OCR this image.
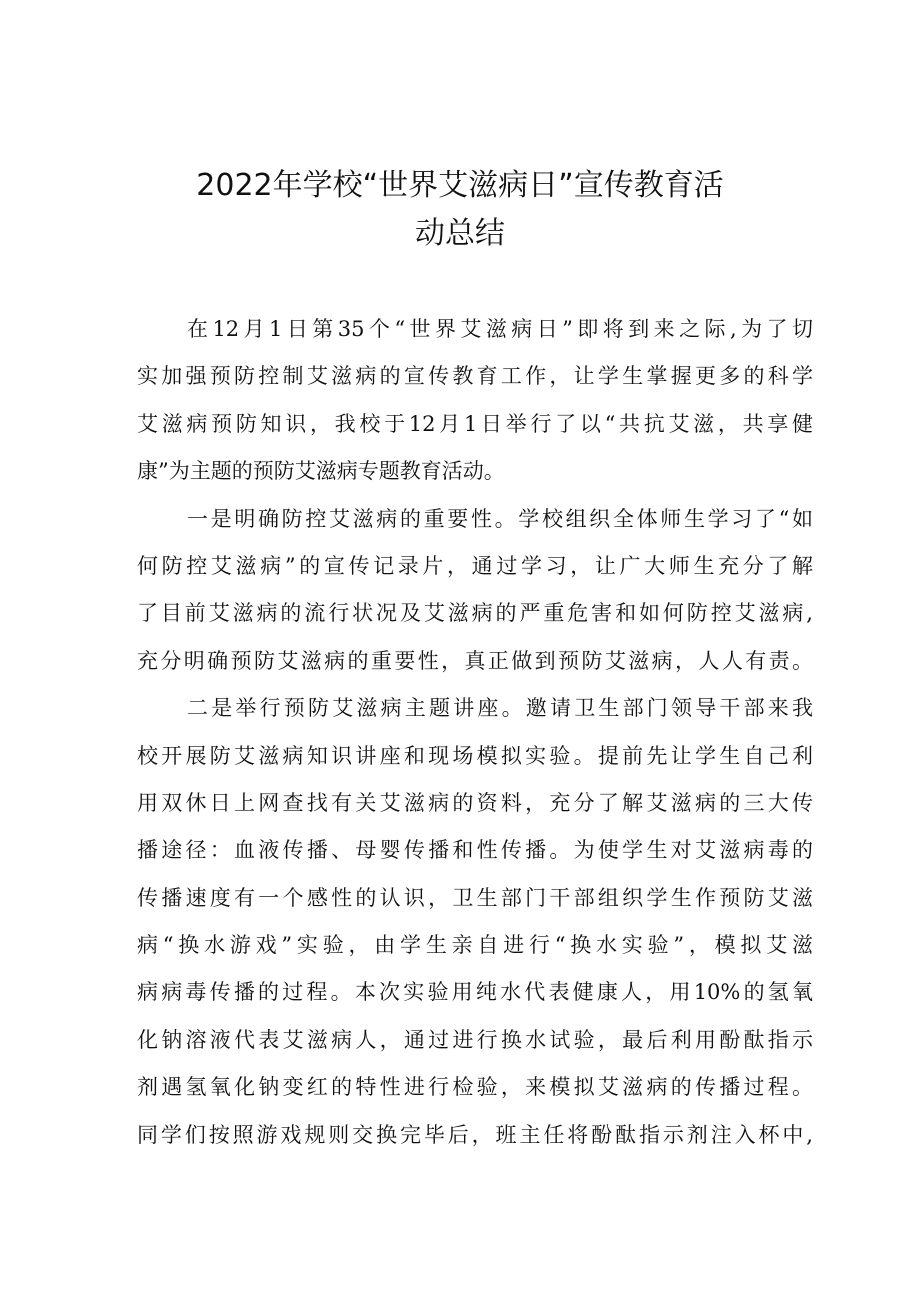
2022年学校“世界艾滋病日”宣传教育活
动总结
在12月1日第35个“世界艾滋病日”即将到来之际,为了切
实加强预防控制艾滋病的宣传教育工作，让学生掌握更多的科学
艾滋病预防知识，我校于12月1日举行了以“共抗艾滋，共享健
康”为主题的预防艾滋病专题教育活动。
一是明确防控艾滋病的重要性。学校组织全体师生学习了“如
何防控艾滋病”的宣传记录片，通过学习，让广大师生充分了解
了目前艾滋病的流行状况及艾滋病的严重危害和如何防控艾滋病,
充分明确预防艾滋病的重要性，真正做到预防艾滋病，人人有责。
二是举行预防艾滋病主题讲座。邀请卫生部门领导干部来我
校开展防艾滋病知识讲座和现场模拟实验。提前先让学生自己利
用双休日上网查找有关艾滋病的资料，充分了解艾滋病的三大传
播途径：血液传播、母婴传播和性传播。为使学生对艾滋病毒的
传播速度有一个感性的认识，卫生部门干部组织学生作预防艾滋
病“换水游戏”实验，由学生亲自进行“换水实验”，模拟艾滋
病病毒传播的过程。本次实验用纯水代表健康人，用10%的氢氧
化钠溶液代表艾滋病人，通过进行换水试验，最后利用酚酞指示
剂遇氢氧化钠变红的特性进行检验，来模拟艾滋病的传播过程。
同学们按照游戏规则交换完毕后，班主任将酚酞指示剂注入杯中,
